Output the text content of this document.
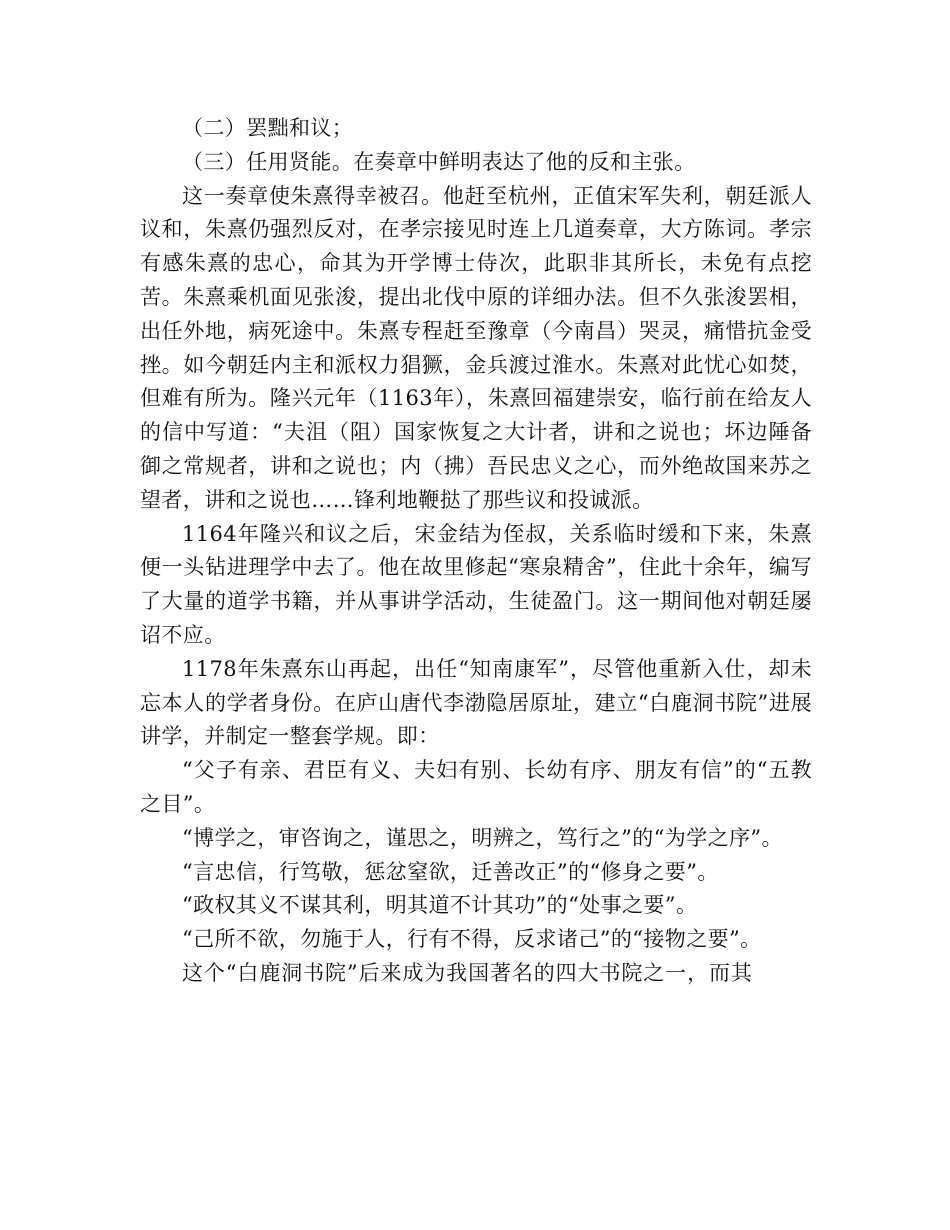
（二）罢黜和议；

（三）任用贤能。在奏章中鲜明表达了他的反和主张。

这一奏章使朱熹得幸被召。他赶至杭州，正值宋军失利，朝廷派人议和，朱熹仍强烈反对，在孝宗接见时连上几道奏章，大方陈词。孝宗有感朱熹的忠心，命其为开学博士侍次，此职非其所长，未免有点挖苦。朱熹乘机面见张浚，提出北伐中原的详细办法。但不久张浚罢相，出任外地，病死途中。朱熹专程赶至豫章（今南昌）哭灵，痛惜抗金受挫。如今朝廷内主和派权力猖獗，金兵渡过淮水。朱熹对此忧心如焚，但难有所为。隆兴元年（1163年），朱熹回福建崇安，临行前在给友人的信中写道：“夫沮（阻）国家恢复之大计者，讲和之说也；坏边陲备御之常规者，讲和之说也；内（拂）吾民忠义之心，而外绝故国来苏之望者，讲和之说也……锋利地鞭挞了那些议和投诚派。

1164年隆兴和议之后，宋金结为侄叔，关系临时缓和下来，朱熹便一头钻进理学中去了。他在故里修起“寒泉精舍”，住此十余年，编写了大量的道学书籍，并从事讲学活动，生徒盈门。这一期间他对朝廷屡诏不应。

1178年朱熹东山再起，出任“知南康军”，尽管他重新入仕，却未忘本人的学者身份。在庐山唐代李渤隐居原址，建立“白鹿洞书院”进展讲学，并制定一整套学规。即：

“父子有亲、君臣有义、夫妇有别、长幼有序、朋友有信”的“五教之目”。

“博学之，审咨询之，谨思之，明辨之，笃行之”的“为学之序”。

“言忠信，行笃敬，惩忿窒欲，迁善改正”的“修身之要”。

“政权其义不谋其利，明其道不计其功”的“处事之要”。

“己所不欲，勿施于人，行有不得，反求诸己”的“接物之要”。

这个“白鹿洞书院”后来成为我国著名的四大书院之一，而其
